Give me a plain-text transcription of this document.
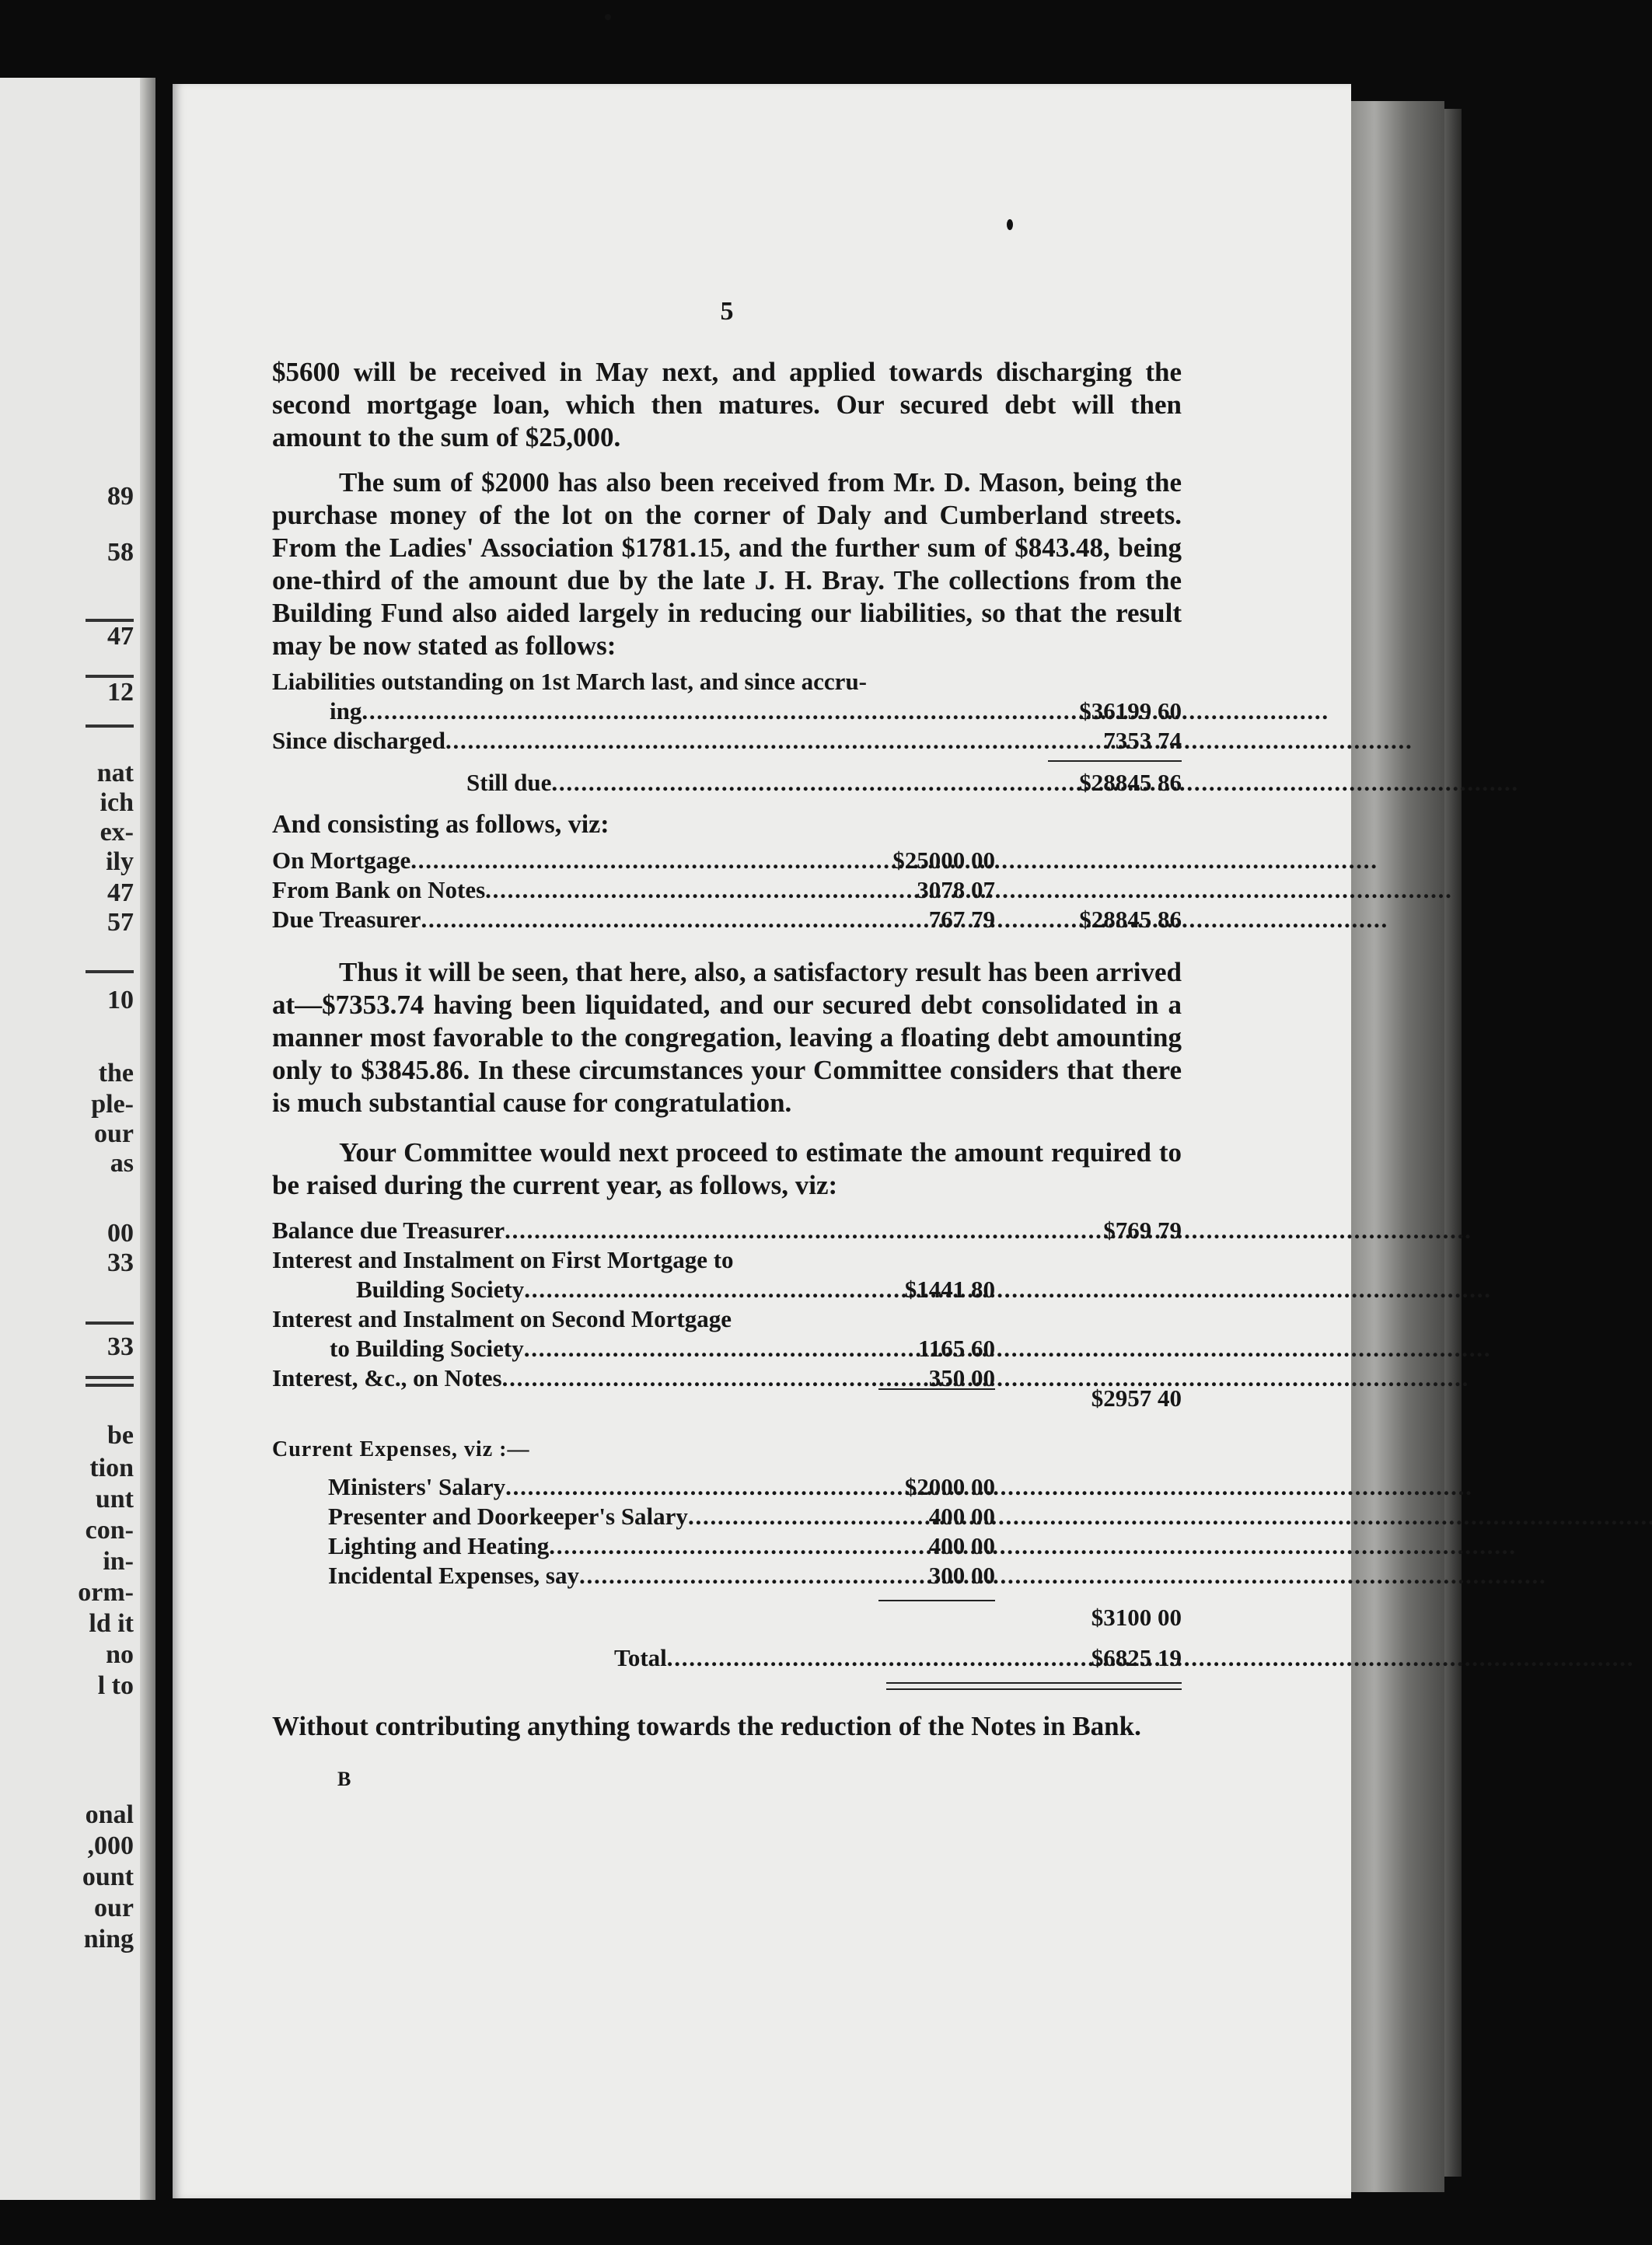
89
58
47
12
nat
ich
ex-
ily
47
57
10
the
ple-
our
as
00
33
33
be
tion
unt
con-
in-
orm-
ld it
no
l to
onal
,000
ount
our
ning
5

$5600 will be received in May next, and applied towards discharging the second mortgage loan, which then matures. Our secured debt will then amount to the sum of $25,000.

The sum of $2000 has also been received from Mr. D. Mason, being the purchase money of the lot on the corner of Daly and Cumberland streets. From the Ladies' Association $1781.15, and the further sum of $843.48, being one-third of the amount due by the late J. H. Bray. The collections from the Building Fund also aided largely in reducing our liabilities, so that the result may be now stated as follows:

Liabilities outstanding on 1st March last, and since accru-
ing . . .	$36199 60
Since discharged . . .	7353 74
Still due . . .	$28845 86
And consisting as follows, viz:
On Mortgage . . .	$25000 00
From Bank on Notes . . .	3078 07
Due Treasurer . . .	767 79	$28845 86

Thus it will be seen, that here, also, a satisfactory result has been arrived at—$7353.74 having been liquidated, and our secured debt consolidated in a manner most favorable to the congregation, leaving a floating debt amounting only to $3845.86. In these circumstances your Committee considers that there is much substantial cause for congratulation.

Your Committee would next proceed to estimate the amount required to be raised during the current year, as follows, viz:

Balance due Treasurer . . .	$769 79
Interest and Instalment on First Mortgage to
Building Society . . .	$1441 80
Interest and Instalment on Second Mortgage
to Building Society . . .	1165 60
Interest, &c., on Notes . . .	350 00
$2957 40
Current Expenses, viz :—
Ministers' Salary . . .	$2000 00
Presenter and Doorkeeper's Salary . . .	400 00
Lighting and Heating . . .	400 00
Incidental Expenses, say . . .	300 00
$3100 00
Total . . .	$6825 19

Without contributing anything towards the reduction of the Notes in Bank.

B
